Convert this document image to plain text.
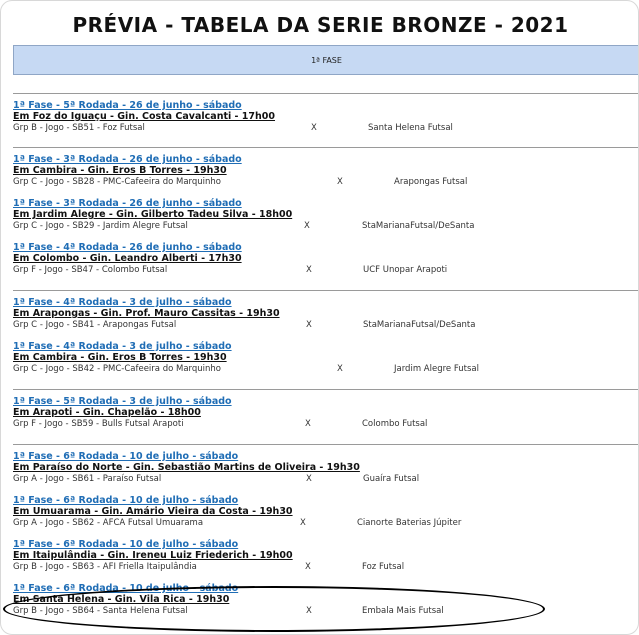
PRÉVIA - TABELA DA SERIE BRONZE - 2021
1ª FASE
1ª Fase - 5ª Rodada - 26 de junho - sábado
Em Foz do Iguaçu - Gin. Costa Cavalcanti - 17h00
Grp B - Jogo - SB51 - Foz Futsal	X	Santa Helena Futsal
1ª Fase - 3ª Rodada - 26 de junho - sábado
Em Cambira - Gin. Eros B Torres - 19h30
Grp C - Jogo - SB28 - PMC-Cafeeira do Marquinho	X	Arapongas Futsal
1ª Fase - 3ª Rodada - 26 de junho - sábado
Em Jardim Alegre - Gin. Gilberto Tadeu Silva - 18h00
Grp C - Jogo - SB29 - Jardim Alegre Futsal	X	StaMarianaFutsal/DeSanta
1ª Fase - 4ª Rodada - 26 de junho - sábado
Em Colombo - Gin. Leandro Alberti - 17h30
Grp F - Jogo - SB47 - Colombo Futsal	X	UCF Unopar Arapoti
1ª Fase - 4ª Rodada - 3 de julho - sábado
Em Arapongas - Gin. Prof. Mauro Cassitas - 19h30
Grp C - Jogo - SB41 - Arapongas Futsal	X	StaMarianaFutsal/DeSanta
1ª Fase - 4ª Rodada - 3 de julho - sábado
Em Cambira - Gin. Eros B Torres - 19h30
Grp C - Jogo - SB42 - PMC-Cafeeira do Marquinho	X	Jardim Alegre Futsal
1ª Fase - 5ª Rodada - 3 de julho - sábado
Em Arapoti - Gin. Chapelão - 18h00
Grp F - Jogo - SB59 - Bulls Futsal Arapoti	X	Colombo Futsal
1ª Fase - 6ª Rodada - 10 de julho - sábado
Em Paraíso do Norte - Gin. Sebastião Martins de Oliveira - 19h30
Grp A - Jogo - SB61 - Paraíso Futsal	X	Guaíra Futsal
1ª Fase - 6ª Rodada - 10 de julho - sábado
Em Umuarama - Gin. Amário Vieira da Costa - 19h30
Grp A - Jogo - SB62 - AFCA Futsal Umuarama	X	Cianorte Baterias Júpiter
1ª Fase - 6ª Rodada - 10 de julho - sábado
Em Itaipulândia - Gin. Ireneu Luiz Friederich - 19h00
Grp B - Jogo - SB63 - AFI Friella Itaipulândia	X	Foz Futsal
1ª Fase - 6ª Rodada - 10 de julho - sábado
Em Santa Helena - Gin. Vila Rica - 19h30
Grp B - Jogo - SB64 - Santa Helena Futsal	X	Embala Mais Futsal
